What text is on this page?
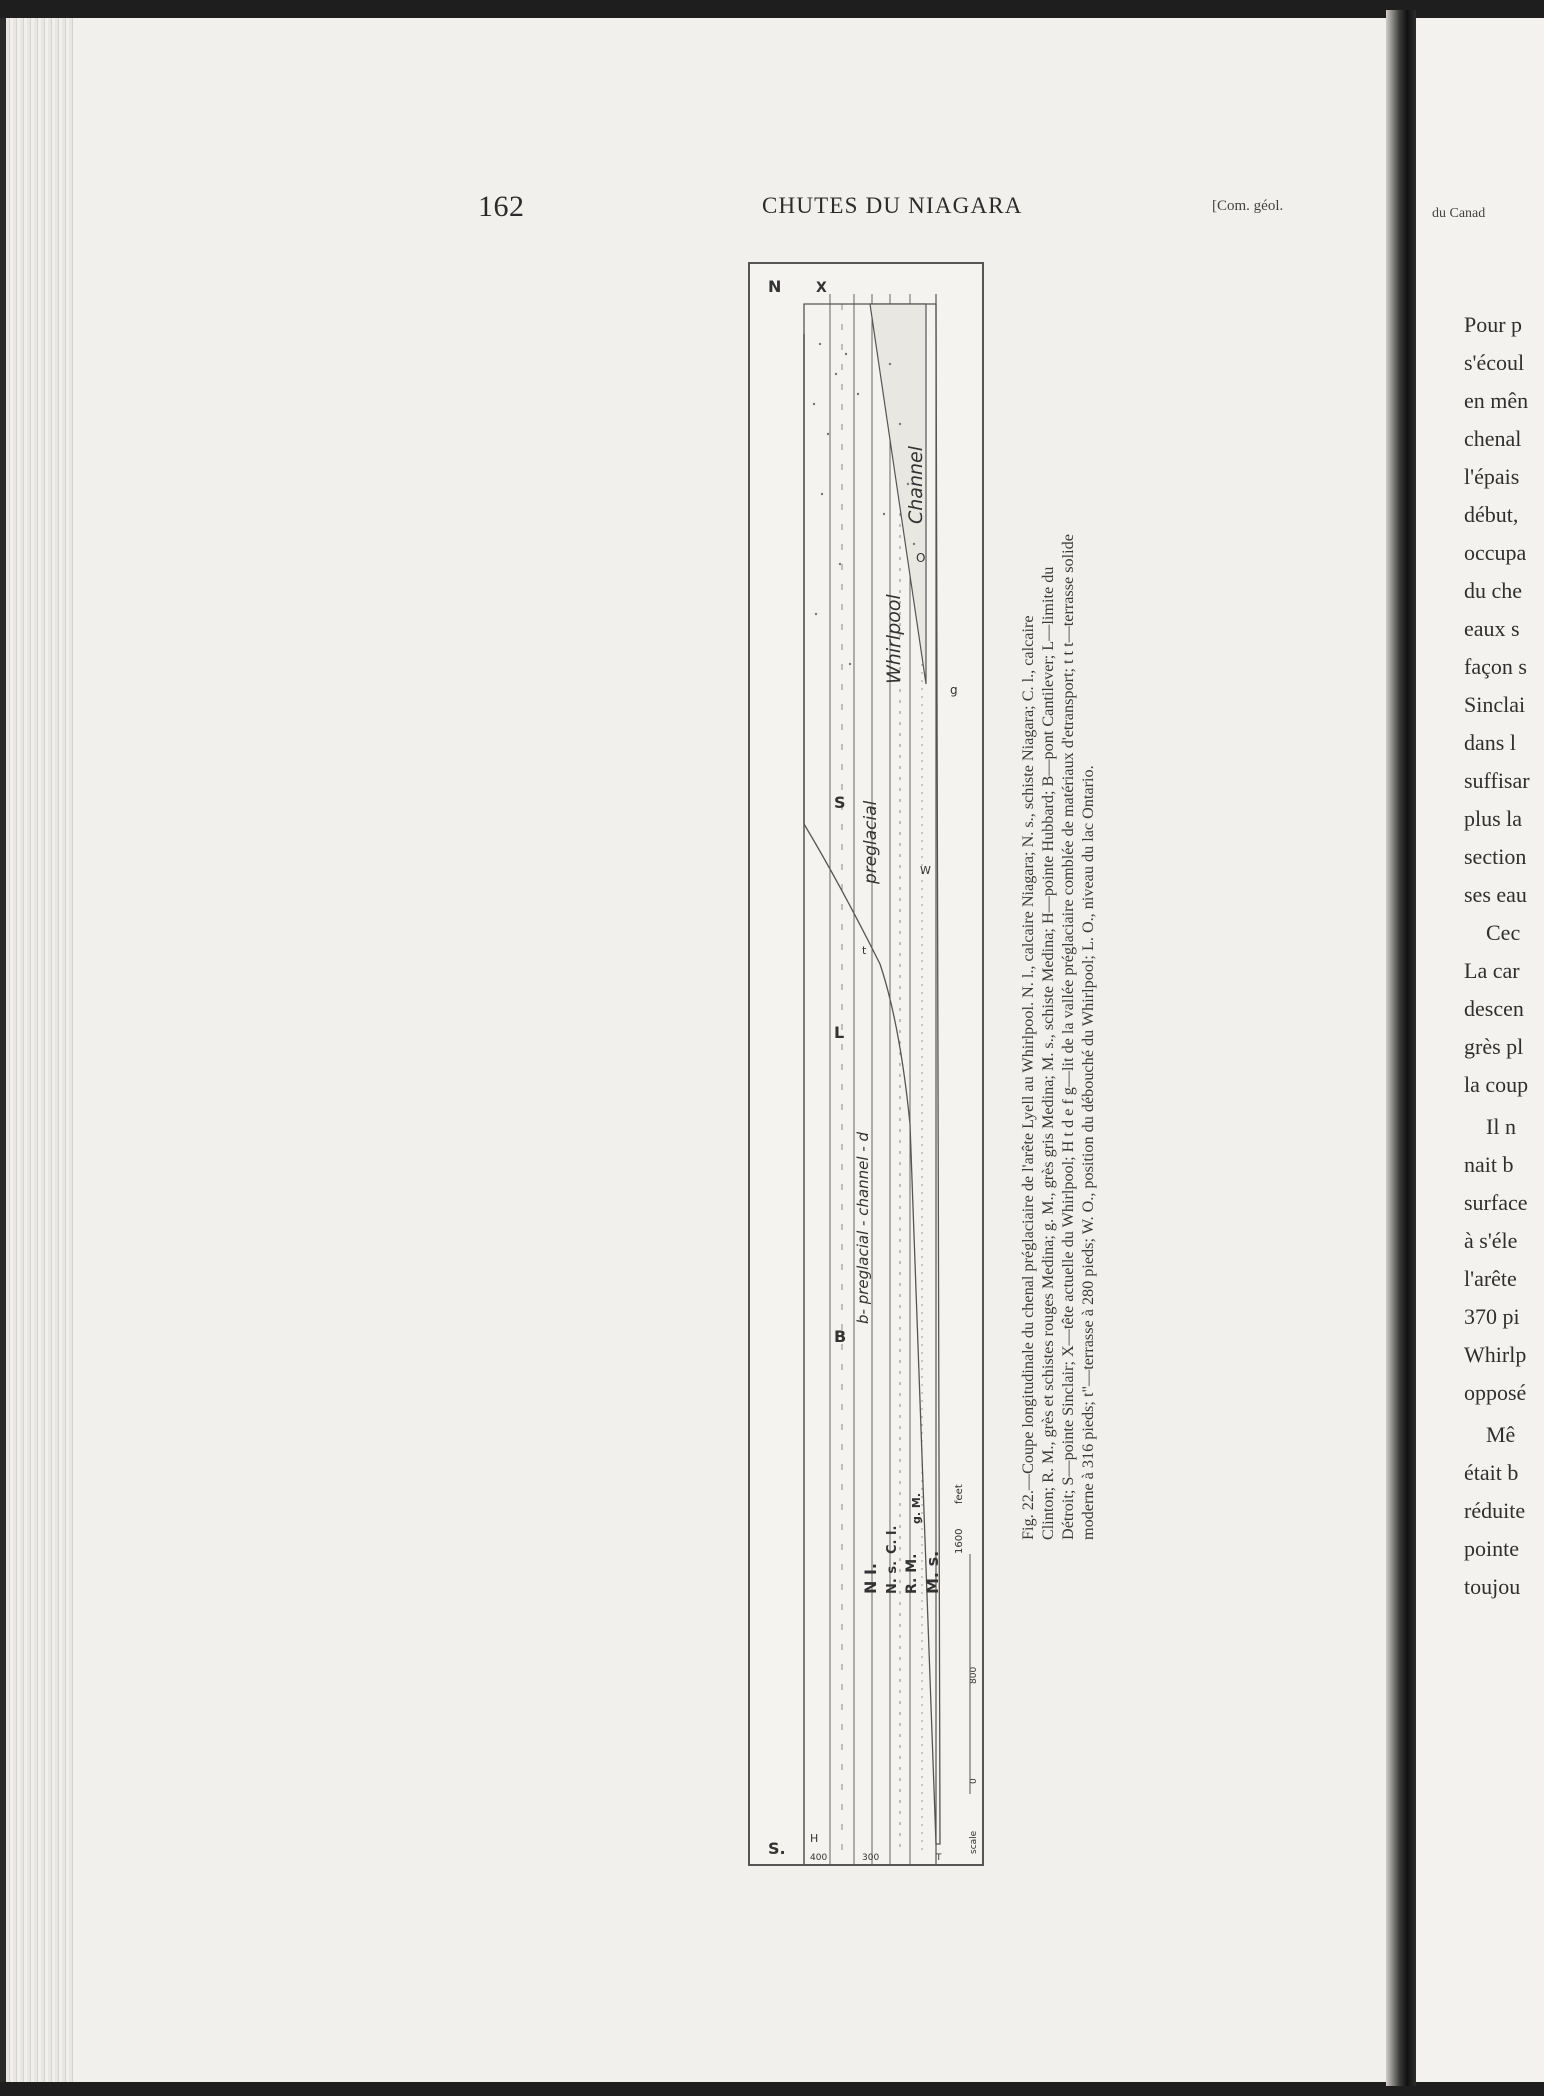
162	CHUTES DU NIAGARA	[Com. géol.
N
S.
X
S
L
B
H
400	300	T
N I. N. s.
C. l.
R. M.
g. M.
M. s.
scale
0
800
1600
feet
b- preglacial - channel - d
preglacial
Whirlpool
Channel
O
W
g
t	Fig. 22.—Coupe longitudinale du chenal préglaciaire de l'arête Lyell au Whirlpool. N. l., calcaire Niagara; N. s., schiste Niagara; C. l., calcaire Clinton; R. M., grès et schistes rouges Medina; g. M., grès gris Medina; M. s., schiste Medina; H—pointe Hubbard; B—pont Cantilever; L—limite du Détroit; S—pointe Sinclair; X—tête actuelle du Whirlpool; H t d e f g—lit de la vallée préglaciaire comblée de matériaux d'etransport; t t t—terrasse solide moderne à 316 pieds; t"—terrasse à 280 pieds; W. O., position du débouché du Whirlpool; L. O., niveau du lac Ontario.
du Canad
Pour p
s'écoul
en mên
chenal
l'épais
début,
occupa
du che
eaux s
façon s
Sinclai
dans l
suffisar
plus la
section
ses eau
Cec
La car
descen
grès pl
la coup
Il n
nait b
surface
à s'éle
l'arête
370 pi
Whirlp
opposé
Mê
était b
réduite
pointe
toujou
